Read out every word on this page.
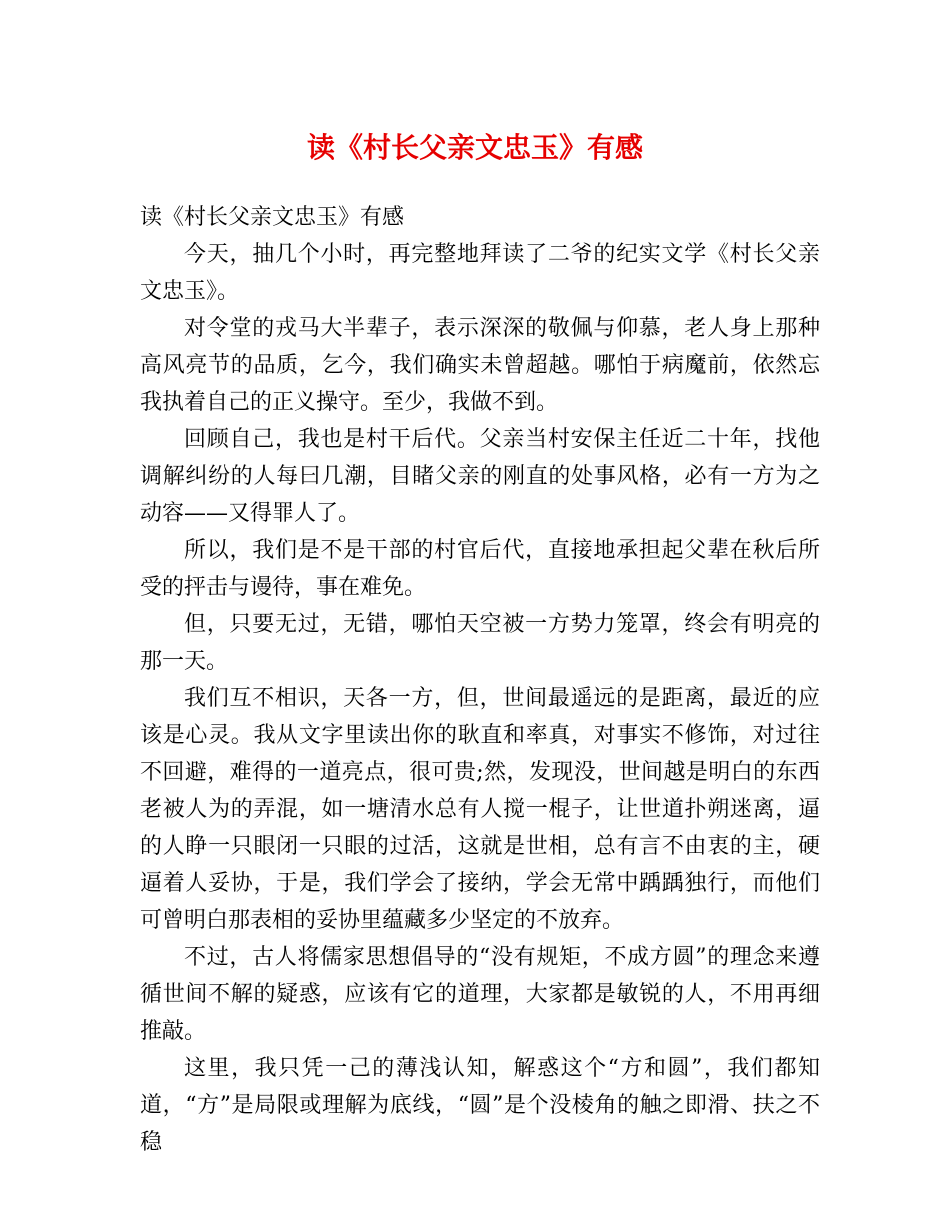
读《村长父亲文忠玉》有感

读《村长父亲文忠玉》有感

今天，抽几个小时，再完整地拜读了二爷的纪实文学《村长父亲文忠玉》。

对令堂的戎马大半辈子，表示深深的敬佩与仰慕，老人身上那种高风亮节的品质，乞今，我们确实未曾超越。哪怕于病魔前，依然忘我执着自己的正义操守。至少，我做不到。

回顾自己，我也是村干后代。父亲当村安保主任近二十年，找他调解纠纷的人每曰几潮，目睹父亲的刚直的处事风格，必有一方为之动容——又得罪人了。

所以，我们是不是干部的村官后代，直接地承担起父辈在秋后所受的抨击与谩待，事在难免。

但，只要无过，无错，哪怕天空被一方势力笼罩，终会有明亮的那一天。

我们互不相识，天各一方，但，世间最遥远的是距离，最近的应该是心灵。我从文字里读出你的耿直和率真，对事实不修饰，对过往不回避，难得的一道亮点，很可贵;然，发现没，世间越是明白的东西老被人为的弄混，如一塘清水总有人搅一棍子，让世道扑朔迷离，逼的人睁一只眼闭一只眼的过活，这就是世相，总有言不由衷的主，硬逼着人妥协，于是，我们学会了接纳，学会无常中踽踽独行，而他们可曾明白那表相的妥协里蕴藏多少坚定的不放弃。

不过，古人将儒家思想倡导的“没有规矩，不成方圆”的理念来遵循世间不解的疑惑，应该有它的道理，大家都是敏锐的人，不用再细推敲。

这里，我只凭一己的薄浅认知，解惑这个“方和圆”，我们都知道，“方”是局限或理解为底线，“圆”是个没棱角的触之即滑、扶之不稳
